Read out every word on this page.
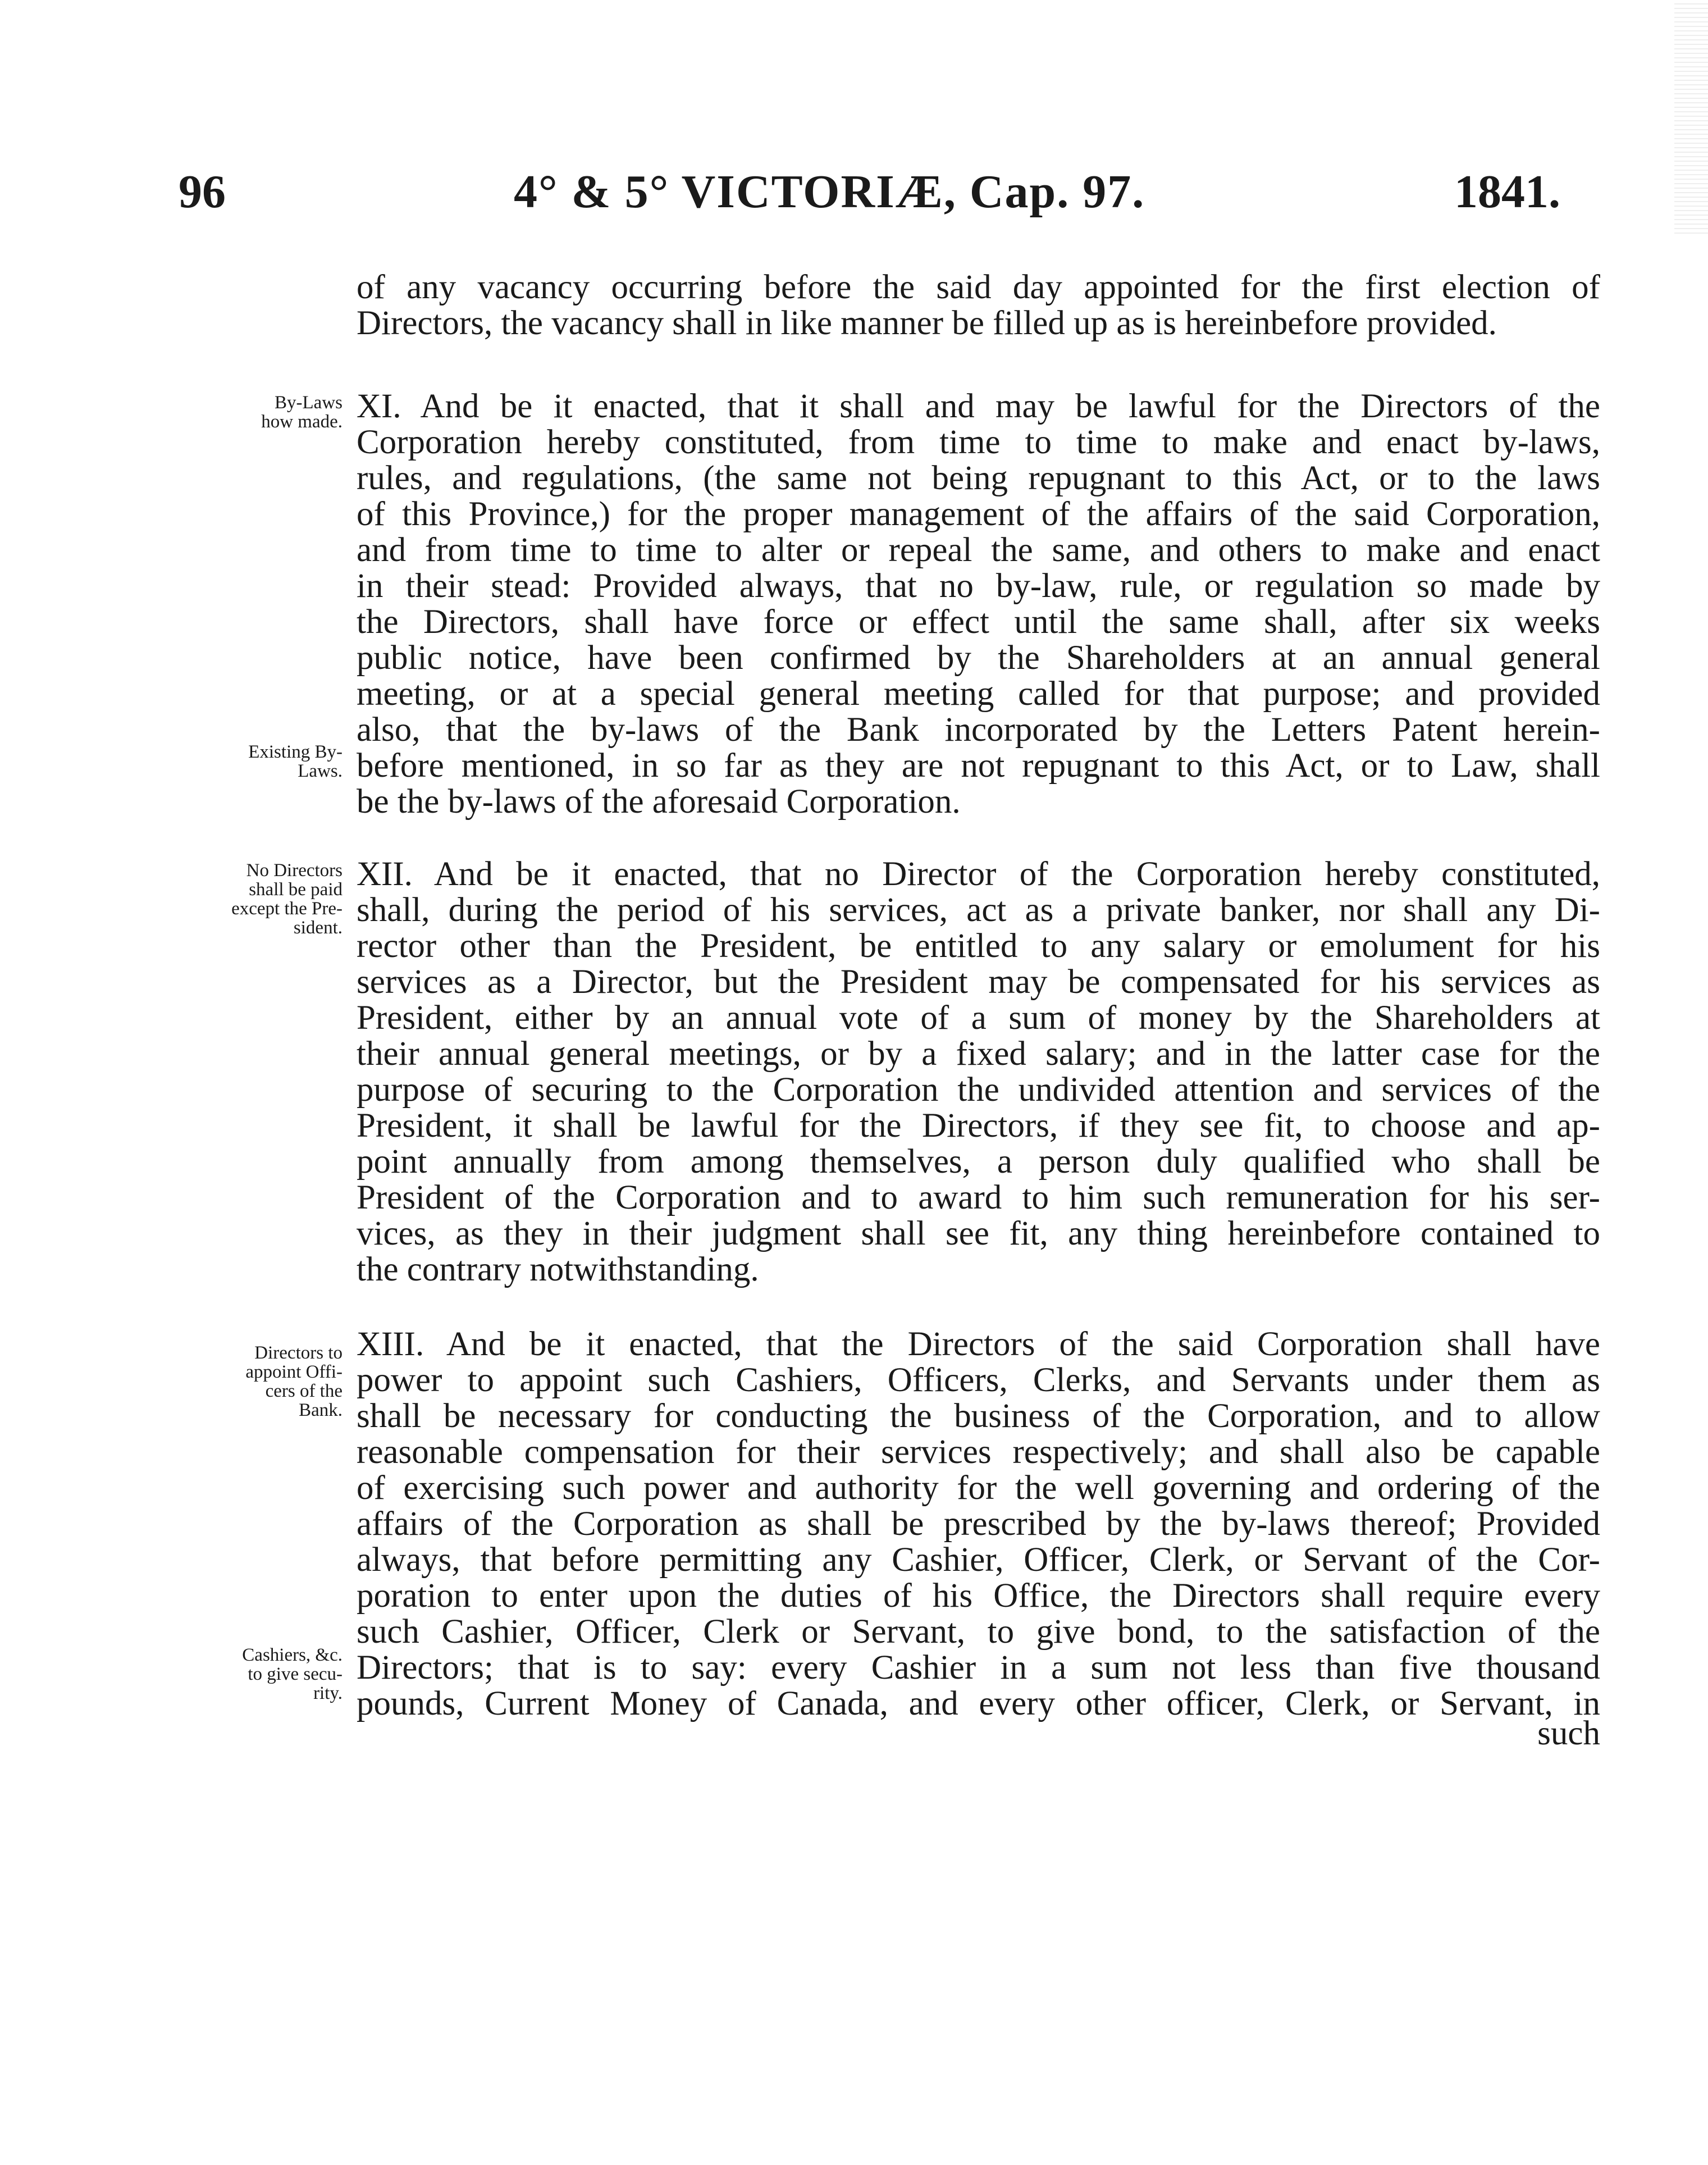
96	4° & 5° VICTORIÆ, Cap. 97.	1841.
of any vacancy occurring before the said day appointed for the first election of
Directors, the vacancy shall in like manner be filled up as is hereinbefore provided.
XI. And be it enacted, that it shall and may be lawful for the Directors of the
Corporation hereby constituted, from time to time to make and enact by-laws,
rules, and regulations, (the same not being repugnant to this Act, or to the laws
of this Province,) for the proper management of the affairs of the said Corporation,
and from time to time to alter or repeal the same, and others to make and enact
in their stead: Provided always, that no by-law, rule, or regulation so made by
the Directors, shall have force or effect until the same shall, after six weeks
public notice, have been confirmed by the Shareholders at an annual general
meeting, or at a special general meeting called for that purpose; and provided
also, that the by-laws of the Bank incorporated by the Letters Patent herein-
before mentioned, in so far as they are not repugnant to this Act, or to Law, shall
be the by-laws of the aforesaid Corporation.
XII. And be it enacted, that no Director of the Corporation hereby constituted,
shall, during the period of his services, act as a private banker, nor shall any Di-
rector other than the President, be entitled to any salary or emolument for his
services as a Director, but the President may be compensated for his services as
President, either by an annual vote of a sum of money by the Shareholders at
their annual general meetings, or by a fixed salary; and in the latter case for the
purpose of securing to the Corporation the undivided attention and services of the
President, it shall be lawful for the Directors, if they see fit, to choose and ap-
point annually from among themselves, a person duly qualified who shall be
President of the Corporation and to award to him such remuneration for his ser-
vices, as they in their judgment shall see fit, any thing hereinbefore contained to
the contrary notwithstanding.
XIII. And be it enacted, that the Directors of the said Corporation shall have
power to appoint such Cashiers, Officers, Clerks, and Servants under them as
shall be necessary for conducting the business of the Corporation, and to allow
reasonable compensation for their services respectively; and shall also be capable
of exercising such power and authority for the well governing and ordering of the
affairs of the Corporation as shall be prescribed by the by-laws thereof; Provided
always, that before permitting any Cashier, Officer, Clerk, or Servant of the Cor-
poration to enter upon the duties of his Office, the Directors shall require every
such Cashier, Officer, Clerk or Servant, to give bond, to the satisfaction of the
Directors; that is to say: every Cashier in a sum not less than five thousand
pounds, Current Money of Canada, and every other officer, Clerk, or Servant, in
such
By-Laws
how made.
Existing By-
Laws.
No Directors
shall be paid
except the Pre-
sident.
Directors to
appoint Offi-
cers of the
Bank.
Cashiers, &c.
to give secu-
rity.
